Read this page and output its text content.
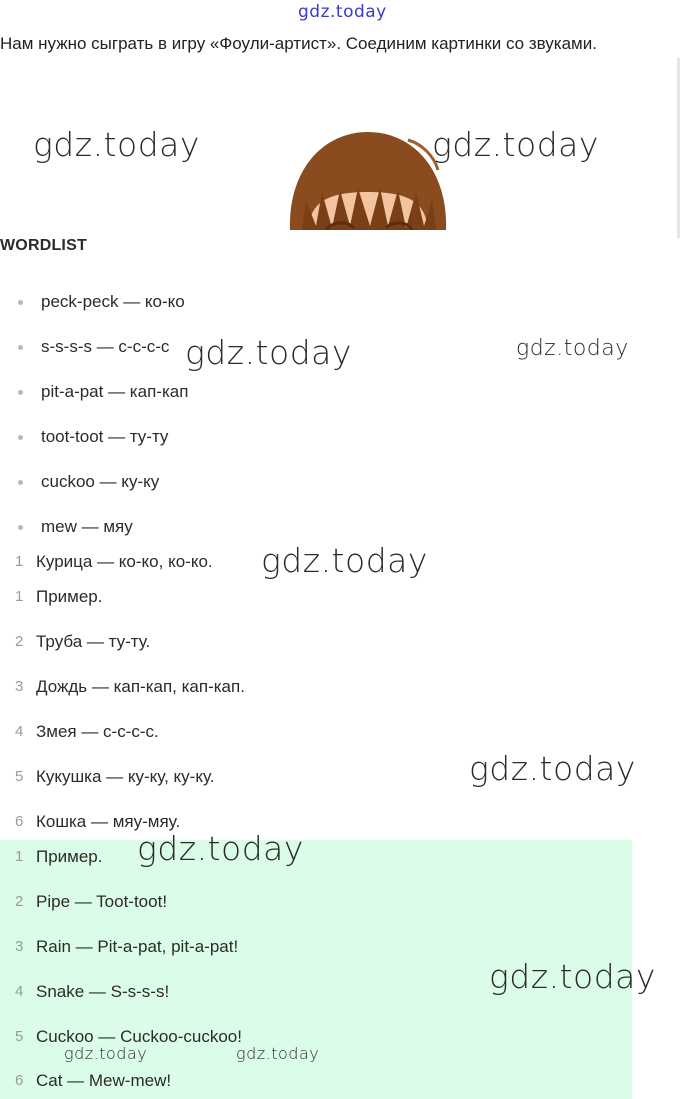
gdz.today
Нам нужно сыграть в игру «Фоули-артист». Соединим картинки со звуками.
WORDLIST
peck-peck — ко-ко
s-s-s-s — с-с-с-с
pit-a-pat — кап-кап
toot-toot — ту-ту
cuckoo — ку-ку
mew — мяу
1 Курица — ко-ко, ко-ко.
1 Пример.
2 Труба — ту-ту.
3 Дождь — кап-кап, кап-кап.
4 Змея — с-с-с-с.
5 Кукушка — ку-ку, ку-ку.
6 Кошка — мяу-мяу.
1 Пример.
2 Pipe — Toot-toot!
3 Rain — Pit-a-pat, pit-a-pat!
4 Snake — S-s-s-s!
5 Cuckoo — Cuckoo-cuckoo!
6 Cat — Mew-mew!
gdz.today	gdz.today
gdz.today	gdz.today
gdz.today
gdz.today
gdz.today
gdz.today
gdz.today	gdz.today
